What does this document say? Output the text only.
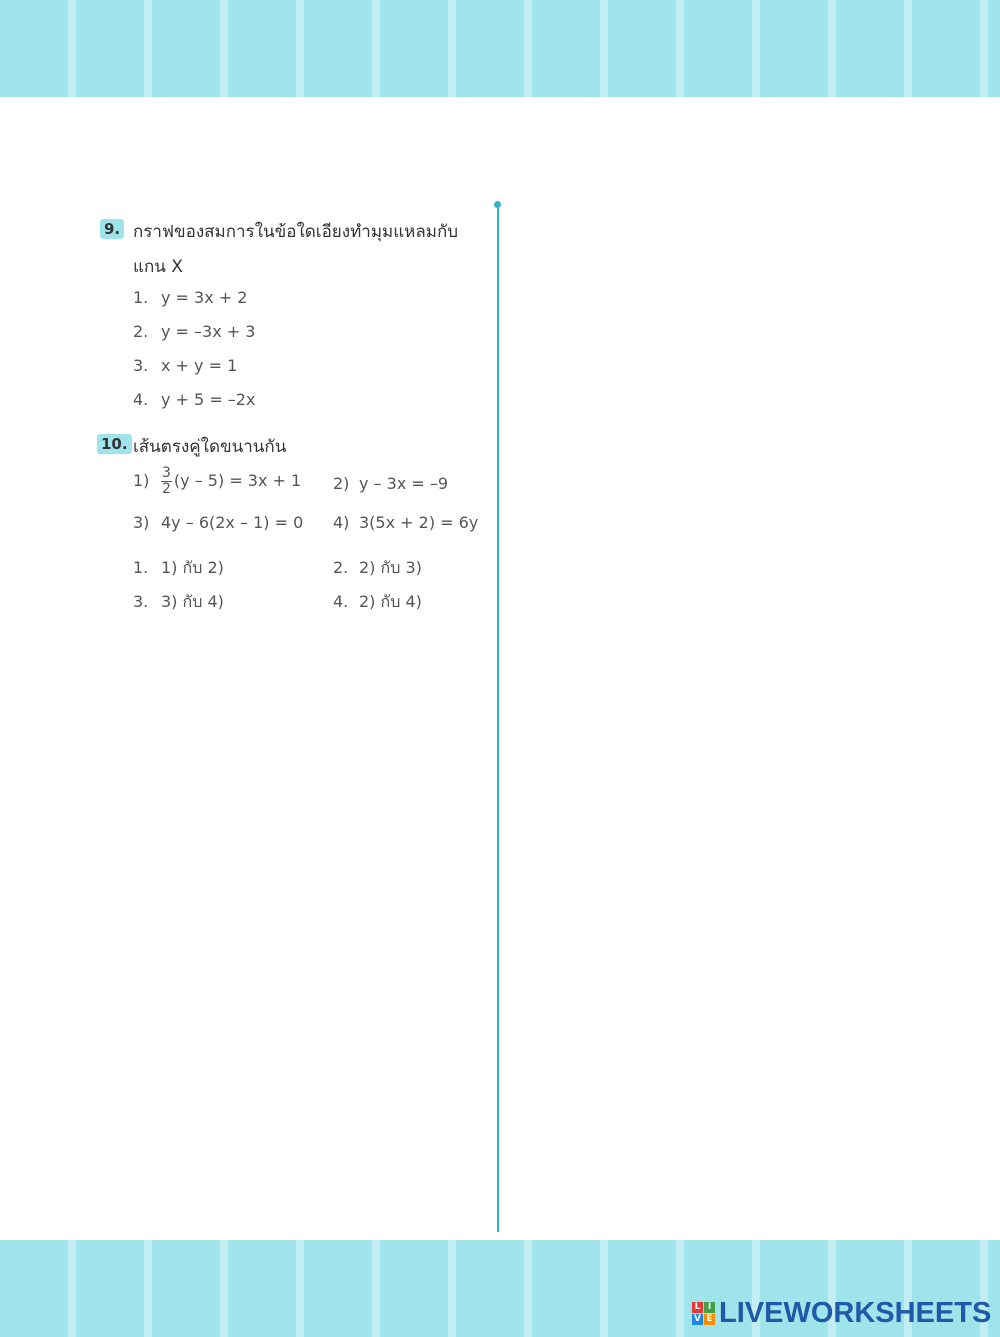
9. กราฟของสมการในข้อใดเอียงทำมุมแหลมกับ
แกน X
1. y = 3x + 2
2. y = –3x + 3
3. x + y = 1
4. y + 5 = –2x
10. เส้นตรงคู่ใดขนานกัน
$1) \frac{3}{2} (y - 5) = 3x + 1$ 2) y – 3x = –9
3) 4y – 6(2x – 1) = 0 4) 3(5x + 2) = 6y
1. 1) กับ 2)	2. 2) กับ 3)
3. 3) กับ 4)	4. 2) กับ 4)
L I
V E LIVEWORKSHEETS
